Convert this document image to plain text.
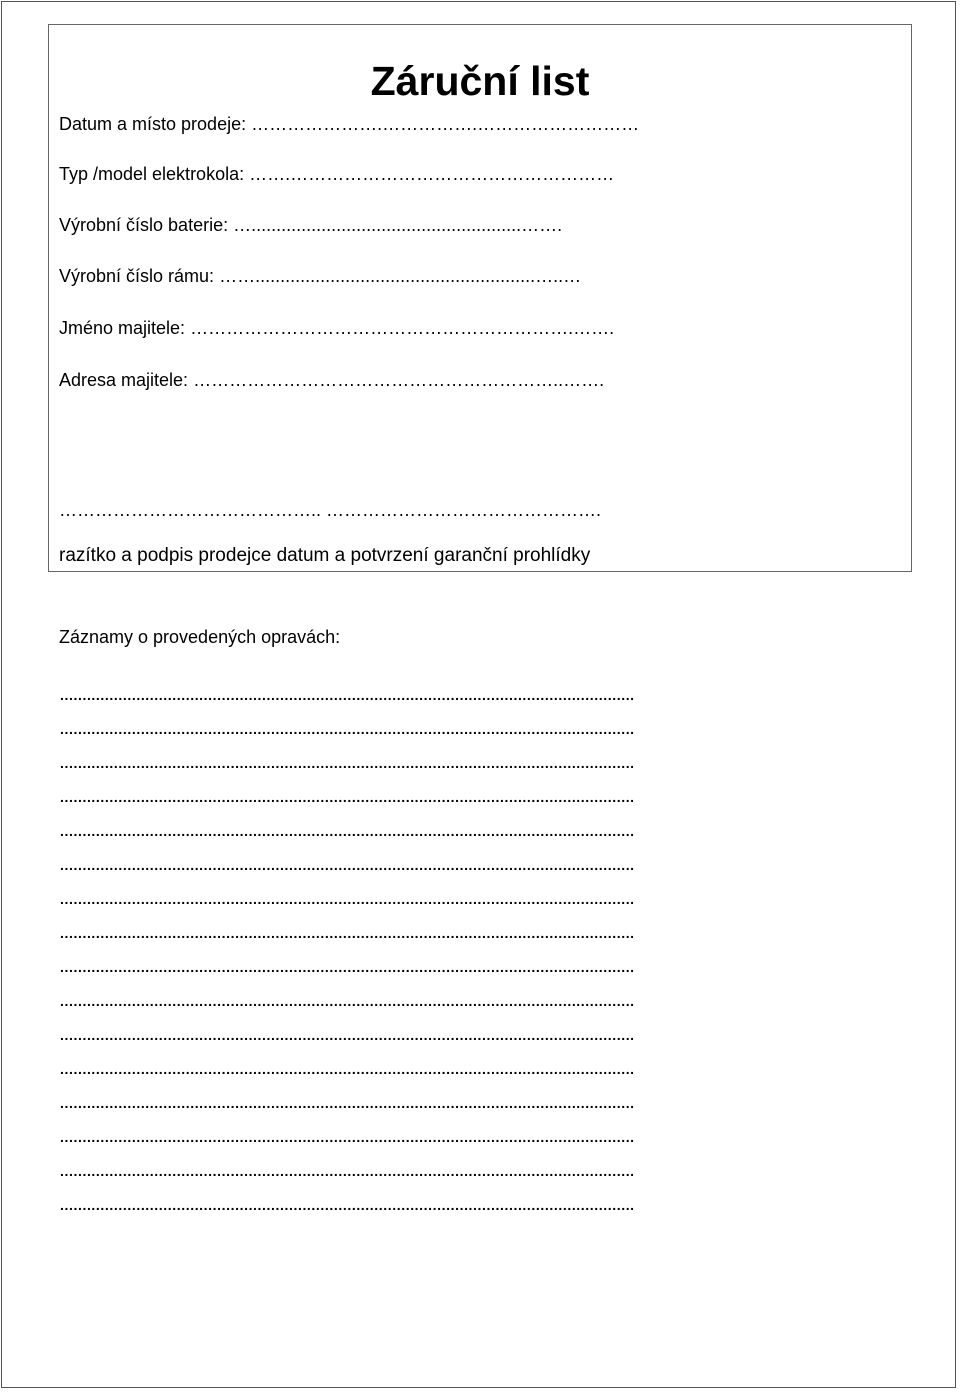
Záruční list
Datum a místo prodeje: ………………….…………….………………………
Typ /model elektrokola: …….………………………………………………
Výrobní číslo baterie: …......................................................…….
Výrobní číslo rámu: ……........................................................…..…
Jméno majitele: ……………………………………………………….…….
Adresa majitele: ……………………………………………………..…….
…………………………………….. ……………………………………….
razítko a podpis prodejce datum a potvrzení garanční prohlídky
Záznamy o provedených opravách:
................................................................................................................................
................................................................................................................................
................................................................................................................................
................................................................................................................................
................................................................................................................................
................................................................................................................................
................................................................................................................................
................................................................................................................................
................................................................................................................................
................................................................................................................................
................................................................................................................................
................................................................................................................................
................................................................................................................................
................................................................................................................................
................................................................................................................................
................................................................................................................................
